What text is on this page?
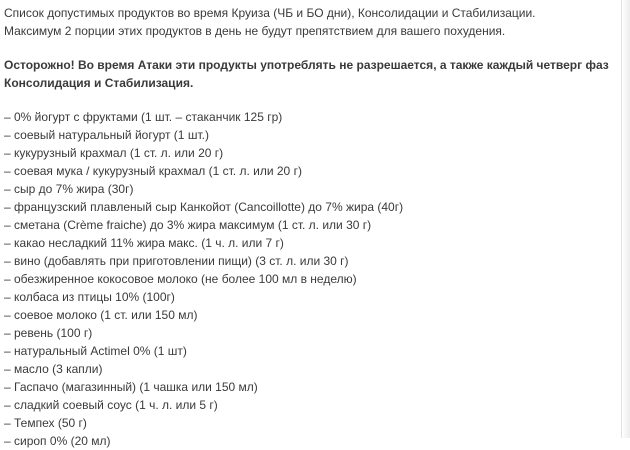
Список допустимых продуктов во время Круиза (ЧБ и БО дни), Консолидации и Стабилизации.
Максимум 2 порции этих продуктов в день не будут препятствием для вашего похудения.

Осторожно! Во время Атаки эти продукты употреблять не разрешается, а также каждый четверг фаз
Консолидация и Стабилизация.

– 0% йогурт с фруктами (1 шт. – стаканчик 125 гр)
– соевый натуральный йогурт (1 шт.)
– кукурузный крахмал (1 ст. л. или 20 г)
– соевая мука / кукурузный крахмал (1 ст. л. или 20 г)
– сыр до 7% жира (30г)
– французский плавленый сыр Канкойот (Cancoillotte) до 7% жира (40г)
– сметана (Crème fraiche) до 3% жира максимум (1 ст. л. или 30 г)
– какао несладкий 11% жира макс. (1 ч. л. или 7 г)
– вино (добавлять при приготовлении пищи) (3 ст. л. или 30 г)
– обезжиренное кокосовое молоко (не более 100 мл в неделю)
– колбаса из птицы 10% (100г)
– соевое молоко (1 ст. или 150 мл)
– ревень (100 г)
– натуральный Actimel 0% (1 шт)
– масло (3 капли)
– Гаспачо (магазинный) (1 чашка или 150 мл)
– сладкий соевый соус (1 ч. л. или 5 г)
– Темпех (50 г)
– сироп 0% (20 мл)
